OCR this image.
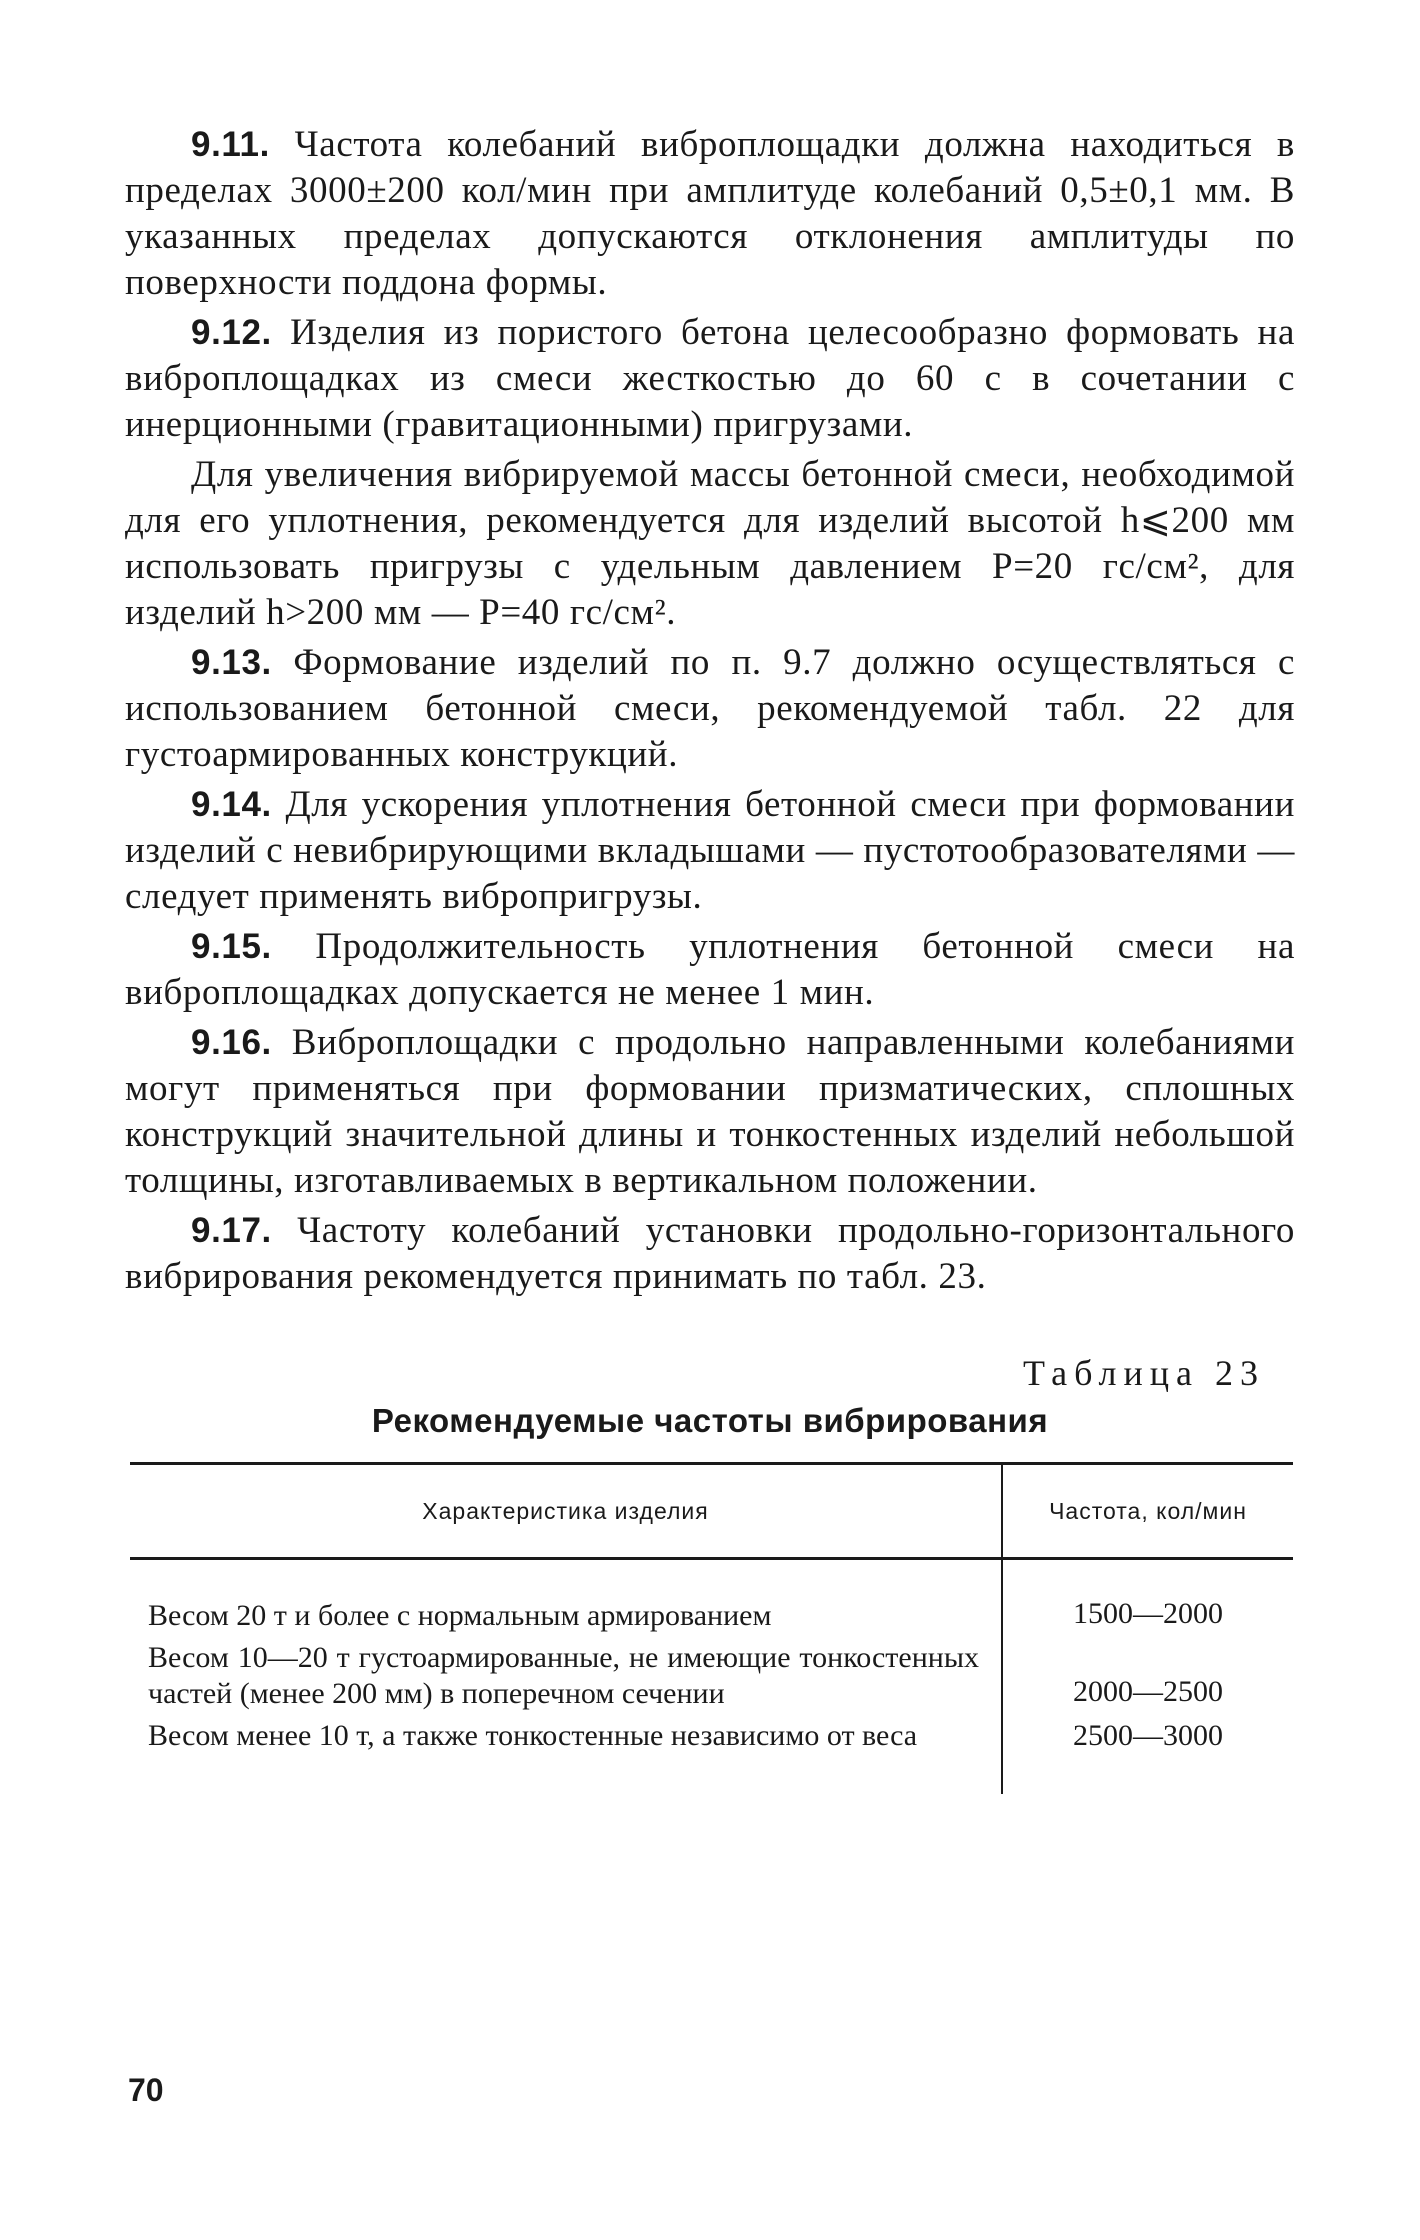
9.11. Частота колебаний виброплощадки должна находиться в пределах 3000±200 кол/мин при амплитуде колебаний 0,5±0,1 мм. В указанных пределах допускаются отклонения амплитуды по поверхности поддона формы.

9.12. Изделия из пористого бетона целесообразно формовать на виброплощадках из смеси жесткостью до 60 с в сочетании с инерционными (гравитационными) пригрузами.

Для увеличения вибрируемой массы бетонной смеси, необходимой для его уплотнения, рекомендуется для изделий высотой h⩽200 мм использовать пригрузы с удельным давлением P=20 гс/см², для изделий h>200 мм — P=40 гс/см².

9.13. Формование изделий по п. 9.7 должно осуществляться с использованием бетонной смеси, рекомендуемой табл. 22 для густоармированных конструкций.

9.14. Для ускорения уплотнения бетонной смеси при формовании изделий с невибрирующими вкладышами — пустотообразователями — следует применять вибропригрузы.

9.15. Продолжительность уплотнения бетонной смеси на виброплощадках допускается не менее 1 мин.

9.16. Виброплощадки с продольно направленными колебаниями могут применяться при формовании призматических, сплошных конструкций значительной длины и тонкостенных изделий небольшой толщины, изготавливаемых в вертикальном положении.

9.17. Частоту колебаний установки продольно-горизонтального вибрирования рекомендуется принимать по табл. 23.

Таблица 23
Рекомендуемые частоты вибрирования
Характеристика изделия	Частота, кол/мин
Весом 20 т и более с нормальным армированием	1500—2000
Весом 10—20 т густоармированные, не имеющие тонкостенных частей (менее 200 мм) в поперечном сечении	2000—2500
Весом менее 10 т, а также тонкостенные независимо от веса	2500—3000
70
